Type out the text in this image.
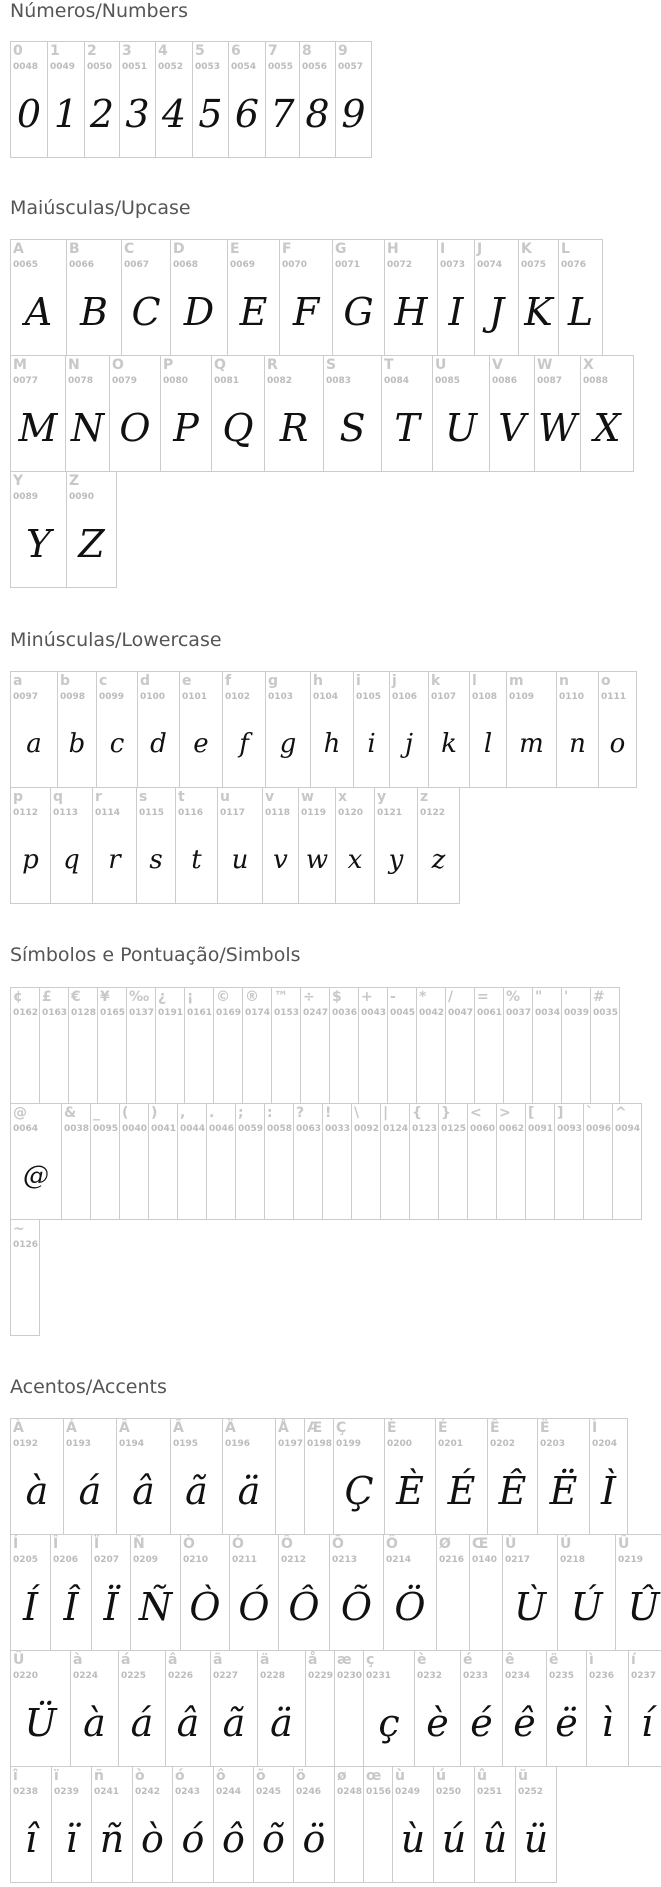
Números/Numbers
Maiúsculas/Upcase
Minúsculas/Lowercase
Símbolos e Pontuação/Simbols
Acentos/Accents
0
0048
0
1
0049
1
2
0050
2
3
0051
3
4
0052
4
5
0053
5
6
0054
6
7
0055
7
8
0056
8
9
0057
9
A
0065
A
B
0066
B
C
0067
C
D
0068
D
E
0069
E
F
0070
F
G
0071
G
H
0072
H
I
0073
I
J
0074
J
K
0075
K
L
0076
L
M
0077
M
N
0078
N
O
0079
O
P
0080
P
Q
0081
Q
R
0082
R
S
0083
S
T
0084
T
U
0085
U
V
0086
V
W
0087
W
X
0088
X
Y
0089
Y
Z
0090
Z
a
0097
a
b
0098
b
c
0099
c
d
0100
d
e
0101
e
f
0102
f
g
0103
g
h
0104
h
i
0105
i
j
0106
j
k
0107
k
l
0108
l
m
0109
m
n
0110
n
o
0111
o
p
0112
p
q
0113
q
r
0114
r
s
0115
s
t
0116
t
u
0117
u
v
0118
v
w
0119
w
x
0120
x
y
0121
y
z
0122
z
¢
0162
£
0163
€
0128
¥
0165
‰
0137
¿
0191
¡
0161
©
0169
®
0174
™
0153
÷
0247
$
0036
+
0043
-
0045
*
0042
/
0047
=
0061
%
0037
"
0034
'
0039
#
0035
@
0064
@
&
0038
_
0095
(
0040
)
0041
,
0044
.
0046
;
0059
:
0058
?
0063
!
0033
\
0092
|
0124
{
0123
}
0125
<
0060
>
0062
[
0091
]
0093
`
0096
^
0094
~
0126
À
0192
à
Á
0193
á
Â
0194
â
Ã
0195
ã
Ä
0196
ä
Å
0197
Æ
0198
Ç
0199
Ç
È
0200
È
É
0201
É
Ê
0202
Ê
Ë
0203
Ë
Ì
0204
Ì
Í
0205
Í
Î
0206
Î
Ï
0207
Ï
Ñ
0209
Ñ
Ò
0210
Ò
Ó
0211
Ó
Ô
0212
Ô
Õ
0213
Õ
Ö
0214
Ö
Ø
0216
Œ
0140
Ù
0217
Ù
Ú
0218
Ú
Û
0219
Û
Ü
0220
Ü
à
0224
à
á
0225
á
â
0226
â
ã
0227
ã
ä
0228
ä
å
0229
æ
0230
ç
0231
ç
è
0232
è
é
0233
é
ê
0234
ê
ë
0235
ë
ì
0236
ì
í
0237
í
î
0238
î
ï
0239
ï
ñ
0241
ñ
ò
0242
ò
ó
0243
ó
ô
0244
ô
õ
0245
õ
ö
0246
ö
ø
0248
œ
0156
ù
0249
ù
ú
0250
ú
û
0251
û
ü
0252
ü
